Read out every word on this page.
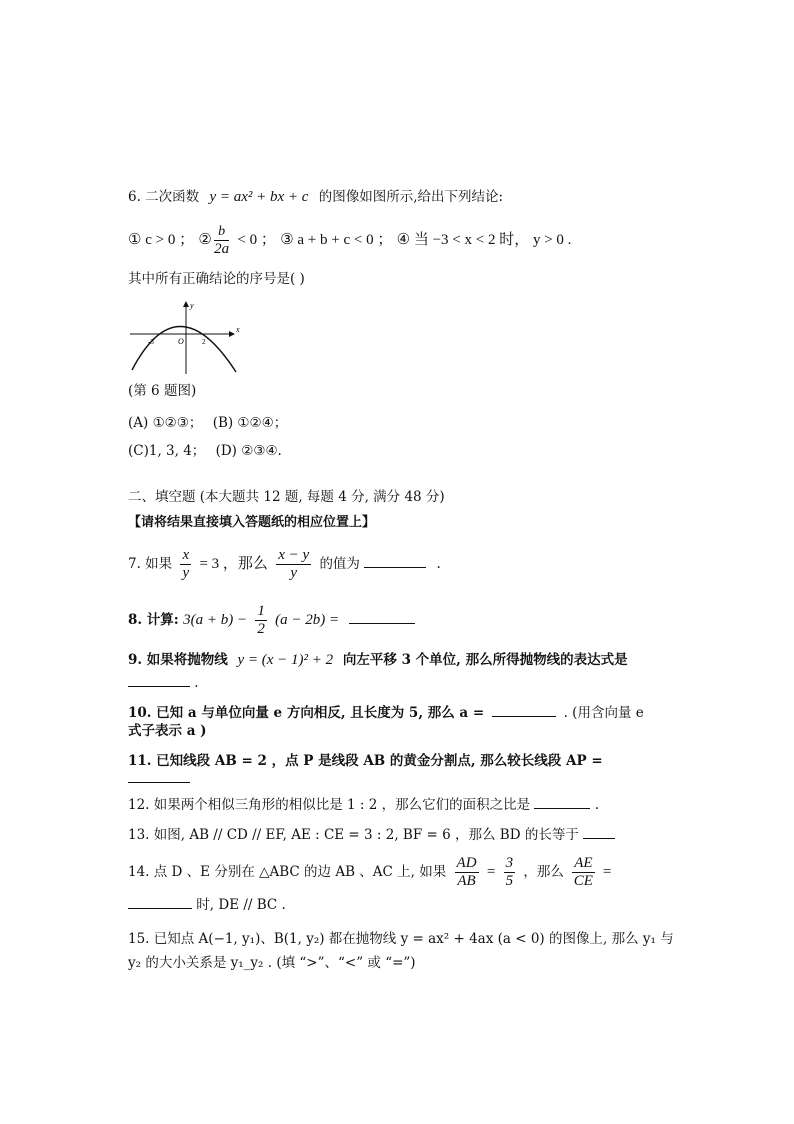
6. 二次函数 y = ax² + bx + c 的图像如图所示,给出下列结论:
① c > 0 ； ② $\frac{b}{2a} < 0$ ； ③ a + b + c < 0 ； ④ 当 −3 < x < 2 时， y > 0 .
其中所有正确结论的序号是( )
y
x
-3	O	2
(第 6 题图)
(A) ①②③； (B) ①②④；
(C)1, 3, 4； (D) ②③④.
二、填空题 (本大题共 12 题, 每题 4 分, 满分 48 分)
【请将结果直接填入答题纸的相应位置上】
7. 如果 $\frac{x}{y} = 3$ ，那么 $\frac{x - y}{y}$ 的值为	.
8. 计算: $3(a + b) - \frac{1}{2} (a - 2b)$ =
9. 如果将抛物线 y = (x − 1)² + 2 向左平移 3 个单位, 那么所得抛物线的表达式是
.
10. 已知 a 与单位向量 e 方向相反, 且长度为 5, 那么 a =	. (用含向量 e
式子表示 a )
11. 已知线段 AB = 2 ，点 P 是线段 AB 的黄金分割点, 那么较长线段 AP =
12. 如果两个相似三角形的相似比是 1 : 2 ，那么它们的面积之比是	.
13. 如图, AB // CD // EF, AE : CE = 3 : 2, BF = 6 ，那么 BD 的长等于
14. 点 D 、E 分别在 △ABC 的边 AB 、AC 上, 如果 $\frac{AD}{AB} = \frac{3}{5}$ ，那么 $\frac{AE}{CE}$ =
时, DE // BC .
15. 已知点 A(−1, y₁)、B(1, y₂) 都在抛物线 y = ax² + 4ax (a < 0) 的图像上, 那么 y₁ 与
y₂ 的大小关系是 y₁_y₂ . (填 “>”、“<” 或 “=”)
